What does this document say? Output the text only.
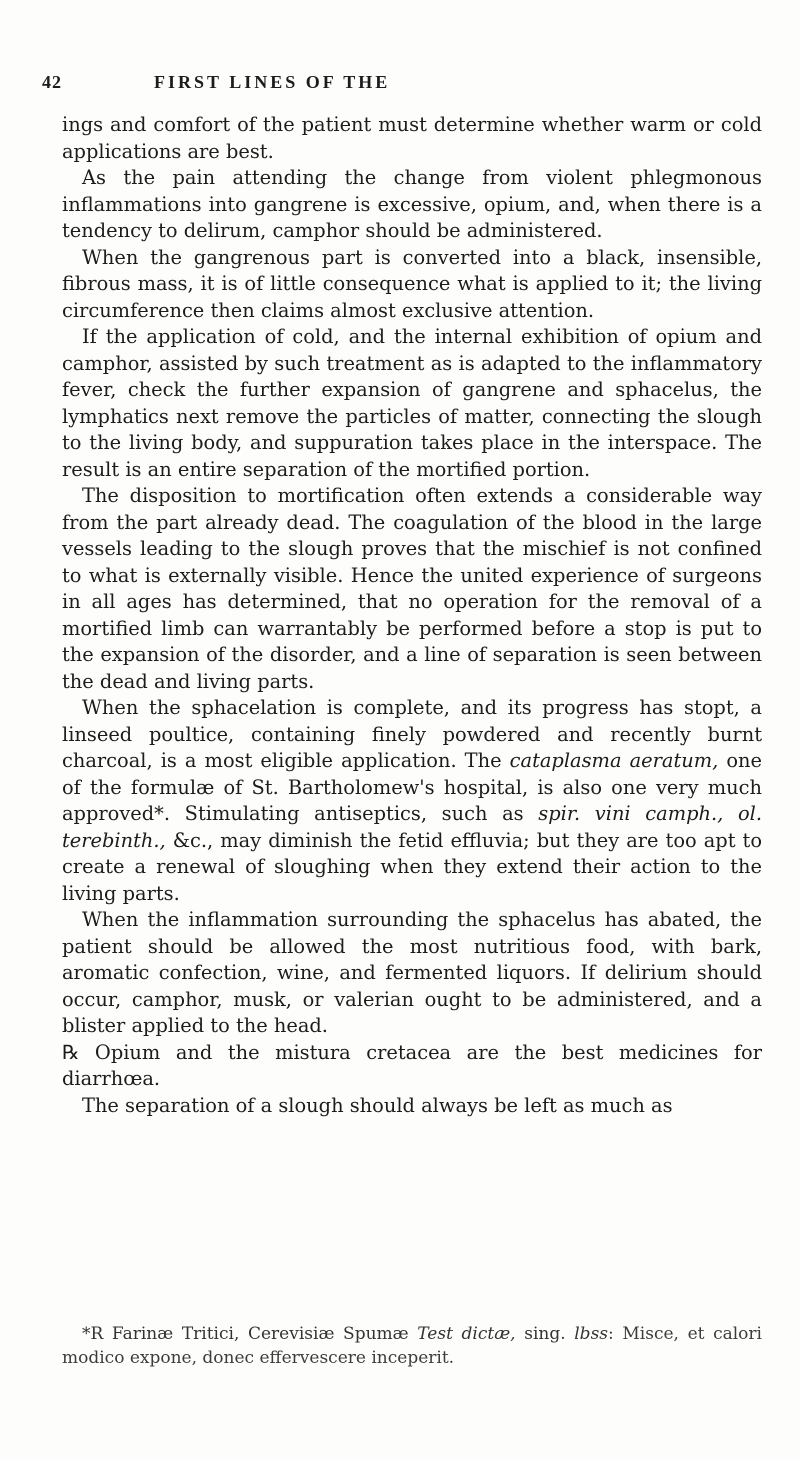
42	FIRST LINES OF THE

ings and comfort of the patient must determine whether warm or cold applications are best.

As the pain attending the change from violent phlegmonous inflammations into gangrene is excessive, opium, and, when there is a tendency to delirum, camphor should be administered.

When the gangrenous part is converted into a black, insensible, fibrous mass, it is of little consequence what is applied to it; the living circumference then claims almost exclusive attention.

If the application of cold, and the internal exhibition of opium and camphor, assisted by such treatment as is adapted to the inflammatory fever, check the further expansion of gangrene and sphacelus, the lymphatics next remove the particles of matter, connecting the slough to the living body, and suppuration takes place in the interspace. The result is an entire separation of the mortified portion.

The disposition to mortification often extends a considerable way from the part already dead. The coagulation of the blood in the large vessels leading to the slough proves that the mischief is not confined to what is externally visible. Hence the united experience of surgeons in all ages has determined, that no operation for the removal of a mortified limb can warrantably be performed before a stop is put to the expansion of the disorder, and a line of separation is seen between the dead and living parts.

When the sphacelation is complete, and its progress has stopt, a linseed poultice, containing finely powdered and recently burnt charcoal, is a most eligible application. The cataplasma aeratum, one of the formulæ of St. Bartholomew's hospital, is also one very much approved*. Stimulating antiseptics, such as spir. vini camph., ol. terebinth., &c., may diminish the fetid effluvia; but they are too apt to create a renewal of sloughing when they extend their action to the living parts.

When the inflammation surrounding the sphacelus has abated, the patient should be allowed the most nutritious food, with bark, aromatic confection, wine, and fermented liquors. If delirium should occur, camphor, musk, or valerian ought to be administered, and a blister applied to the head.

℞ Opium and the mistura cretacea are the best medicines for diarrhœa.

The separation of a slough should always be left as much as

*R Farinæ Tritici, Cerevisiæ Spumæ Test dictæ, sing. lbss: Misce, et calori modico expone, donec effervescere inceperit.
